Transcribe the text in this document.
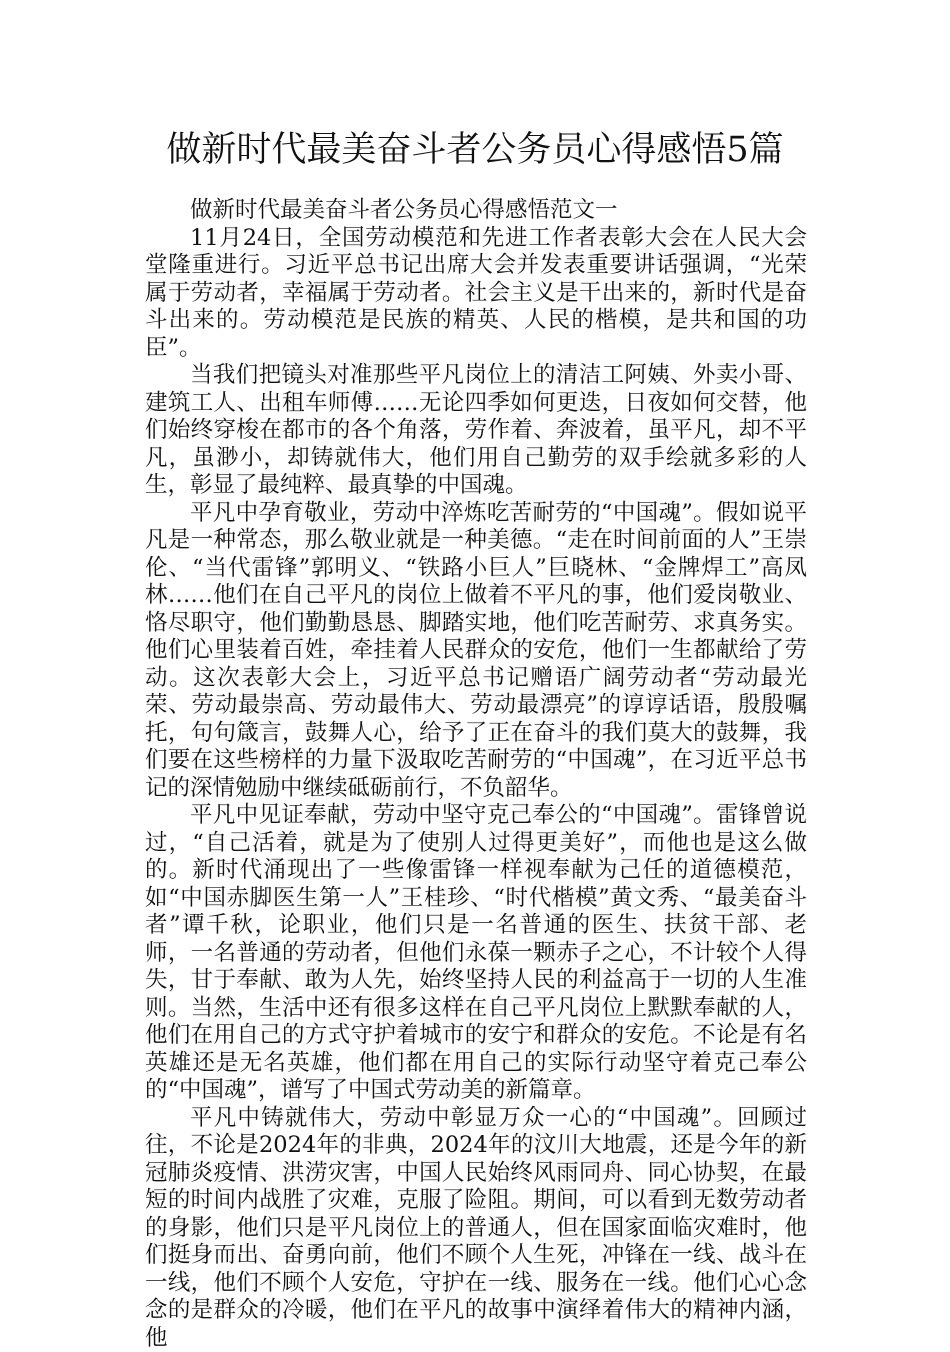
做新时代最美奋斗者公务员心得感悟5篇

做新时代最美奋斗者公务员心得感悟范文一

11月24日，全国劳动模范和先进工作者表彰大会在人民大会堂隆重进行。习近平总书记出席大会并发表重要讲话强调，“光荣属于劳动者，幸福属于劳动者。社会主义是干出来的，新时代是奋斗出来的。劳动模范是民族的精英、人民的楷模，是共和国的功臣”。

当我们把镜头对准那些平凡岗位上的清洁工阿姨、外卖小哥、建筑工人、出租车师傅……无论四季如何更迭，日夜如何交替，他们始终穿梭在都市的各个角落，劳作着、奔波着，虽平凡，却不平凡，虽渺小，却铸就伟大，他们用自己勤劳的双手绘就多彩的人生，彰显了最纯粹、最真挚的中国魂。

平凡中孕育敬业，劳动中淬炼吃苦耐劳的“中国魂”。假如说平凡是一种常态，那么敬业就是一种美德。“走在时间前面的人”王崇伦、“当代雷锋”郭明义、“铁路小巨人”巨晓林、“金牌焊工”高凤林……他们在自己平凡的岗位上做着不平凡的事，他们爱岗敬业、恪尽职守，他们勤勤恳恳、脚踏实地，他们吃苦耐劳、求真务实。他们心里装着百姓，牵挂着人民群众的安危，他们一生都献给了劳动。这次表彰大会上，习近平总书记赠语广阔劳动者“劳动最光荣、劳动最崇高、劳动最伟大、劳动最漂亮”的谆谆话语，殷殷嘱托，句句箴言，鼓舞人心，给予了正在奋斗的我们莫大的鼓舞，我们要在这些榜样的力量下汲取吃苦耐劳的“中国魂”，在习近平总书记的深情勉励中继续砥砺前行，不负韶华。

平凡中见证奉献，劳动中坚守克己奉公的“中国魂”。雷锋曾说过，“自己活着，就是为了使别人过得更美好”，而他也是这么做的。新时代涌现出了一些像雷锋一样视奉献为己任的道德模范，如“中国赤脚医生第一人”王桂珍、“时代楷模”黄文秀、“最美奋斗者”谭千秋，论职业，他们只是一名普通的医生、扶贫干部、老师，一名普通的劳动者，但他们永葆一颗赤子之心，不计较个人得失，甘于奉献、敢为人先，始终坚持人民的利益高于一切的人生准则。当然，生活中还有很多这样在自己平凡岗位上默默奉献的人，他们在用自己的方式守护着城市的安宁和群众的安危。不论是有名英雄还是无名英雄，他们都在用自己的实际行动坚守着克己奉公的“中国魂”，谱写了中国式劳动美的新篇章。

平凡中铸就伟大，劳动中彰显万众一心的“中国魂”。回顾过往，不论是2024年的非典，2024年的汶川大地震，还是今年的新冠肺炎疫情、洪涝灾害，中国人民始终风雨同舟、同心协契，在最短的时间内战胜了灾难，克服了险阻。期间，可以看到无数劳动者的身影，他们只是平凡岗位上的普通人，但在国家面临灾难时，他们挺身而出、奋勇向前，他们不顾个人生死，冲锋在一线、战斗在一线，他们不顾个人安危，守护在一线、服务在一线。他们心心念念的是群众的冷暖，他们在平凡的故事中演绎着伟大的精神内涵，他
